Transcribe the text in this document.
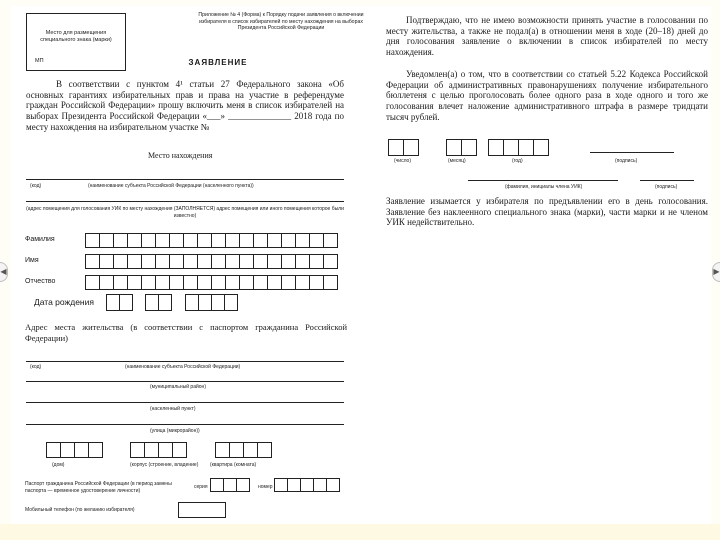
◀	▶
Место для размещения специального знака (марки)
МП
Приложение № 4 (Форма) к Порядку подачи заявления о включении избирателя в список избирателей по месту нахождения на выборах Президента Российской Федерации
ЗАЯВЛЕНИЕ
В соответствии с пунктом 4¹ статьи 27 Федерального закона «Об основных гарантиях избирательных прав и права на участие в референдуме граждан Российской Федерации» прошу включить меня в список избирателей на выборах Президента Российской Федерации «___» ______________ 2018 года по месту нахождения на избирательном участке №
Место нахождения
(код)	(наименование субъекта Российской Федерации (населенного пункта))
(адрес помещения для голосования УИК по месту нахождения (ЗАПОЛНЯЕТСЯ) адрес помещения или иного помещения которое были известно)
Фамилия
Имя
Отчество
Дата рождения
Адрес места жительства (в соответствии с паспортом гражданина Российской Федерации)
(код)	(наименование субъекта Российской Федерации)
(муниципальный район)
(населенный пункт)
(улица (микрорайон))
(дом)	(корпус (строение, владение) (квартира (комната)
Паспорт гражданина Российской Федерации (в период замены паспорта — временное удостоверение личности)
серия	номер
Мобильный телефон (по желанию избирателя)
Подтверждаю, что не имею возможности принять участие в голосовании по месту жительства, а также не подал(а) в отношении меня в ходе (20–18) дней до дня голосования заявление о включении в список избирателей по месту нахождения.
Уведомлен(а) о том, что в соответствии со статьей 5.22 Кодекса Российской Федерации об административных правонарушениях получение избирательного бюллетеня с целью проголосовать более одного раза в ходе одного и того же голосования влечет наложение административного штрафа в размере тридцати тысяч рублей.
(число)	(месяц)	(год)	(подпись)
(фамилия, инициалы члена УИК)	(подпись)
Заявление изымается у избирателя по предъявлении его в день голосования. Заявление без наклеенного специального знака (марки), части марки и не членом УИК недействительно.
